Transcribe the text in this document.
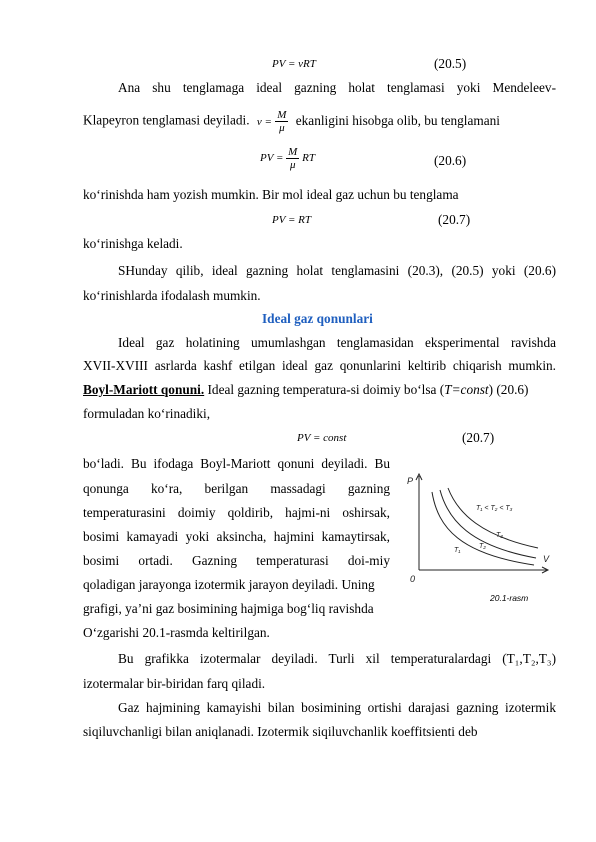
PV = νRT	(20.5)
Ana shu tenglamaga ideal gazning holat tenglamasi yoki Mendeleev-
Klapeyron tenglamasi deyiladi. $\nu = \frac{M}{\mu}$ ekanligini hisobga olib, bu tenglamani
PV = $\frac{M}{\mu}$ RT	(20.6)
ko‘rinishda ham yozish mumkin. Bir mol ideal gaz uchun bu tenglama
PV = RT	(20.7)
ko‘rinishga keladi.
SHunday qilib, ideal gazning holat tenglamasini (20.3), (20.5) yoki (20.6)
ko‘rinishlarda ifodalash mumkin.
Ideal gaz qonunlari
Ideal gaz holatining umumlashgan tenglamasidan eksperimental ravishda
XVII-XVIII asrlarda kashf etilgan ideal gaz qonunlarini keltirib chiqarish mumkin.
Boyl-Mariott qonuni. Ideal gazning temperatura-si doimiy bo‘lsa (T=const) (20.6)
formuladan ko‘rinadiki,
PV = const	(20.7)
bo‘ladi. Bu ifodaga Boyl-Mariott qonuni deyiladi. Bu
qonunga ko‘ra, berilgan massadagi gazning
temperaturasini doimiy qoldirib, hajmi-ni oshirsak,
bosimi kamayadi yoki aksincha, hajmini kamaytirsak,
bosimi ortadi. Gazning temperaturasi doi-miy
qoladigan jarayonga izotermik jarayon deyiladi. Uning
grafigi, ya’ni gaz bosimining hajmiga bog‘liq ravishda
O‘zgarishi 20.1-rasmda keltirilgan.
P
V
0
T₃
T₂
T₁
T₁ < T₂ < T₃
20.1-rasm
Bu grafikka izotermalar deyiladi. Turli xil temperaturalardagi (T₁,T₂,T₃)
izotermalar bir-biridan farq qiladi.
Gaz hajmining kamayishi bilan bosimining ortishi darajasi gazning izotermik
siqiluvchanligi bilan aniqlanadi. Izotermik siqiluvchanlik koeffitsienti deb
